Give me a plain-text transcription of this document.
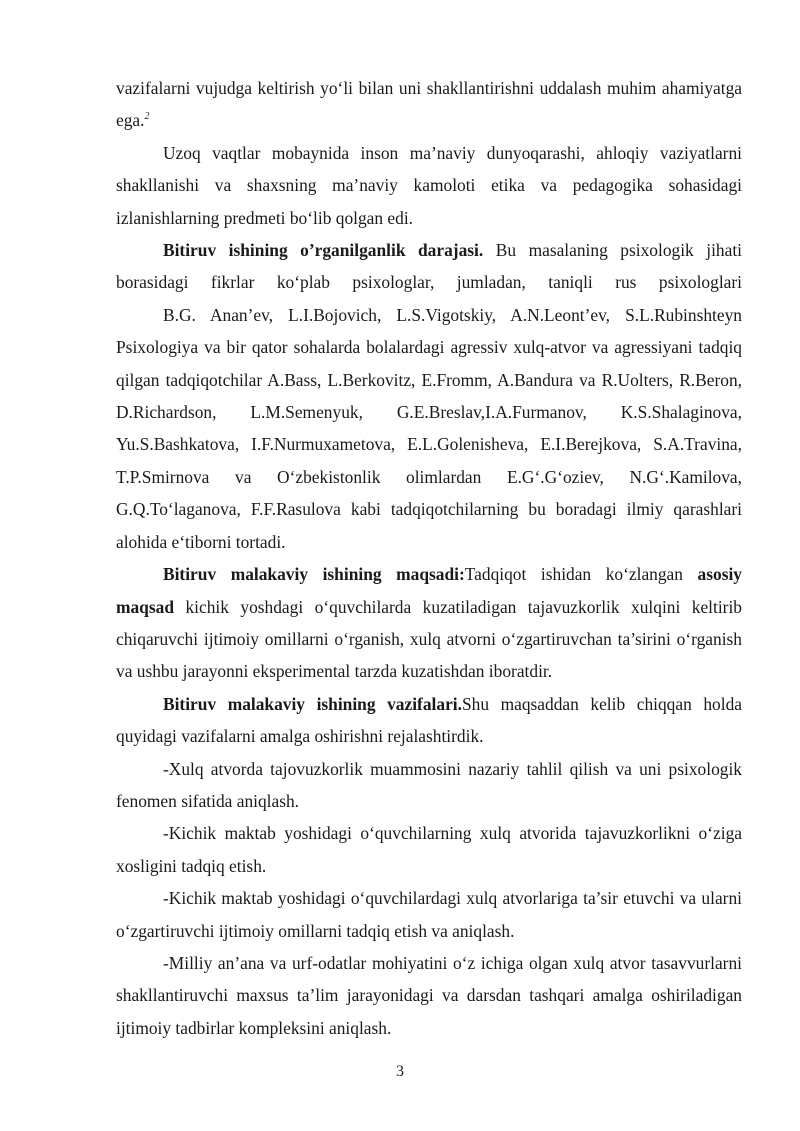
vazifalarni vujudga keltirish yo‘li bilan uni shakllantirishni uddalash muhim ahamiyatga ega.$^2$

Uzoq vaqtlar mobaynida inson ma’naviy dunyoqarashi, ahloqiy vaziyatlarni shakllanishi va shaxsning ma’naviy kamoloti etika va pedagogika sohasidagi izlanishlarning predmeti bo‘lib qolgan edi.

Bitiruv ishining o’rganilganlik darajasi. Bu masalaning psixologik jihati borasidagi fikrlar ko‘plab psixologlar, jumladan, taniqli rus psixologlari

B.G. Anan’ev, L.I.Bojovich, L.S.Vigotskiy, A.N.Leont’ev, S.L.Rubinshteyn Psixologiya va bir qator sohalarda bolalardagi agressiv xulq-atvor va agressiyani tadqiq qilgan tadqiqotchilar A.Bass, L.Berkovitz, E.Fromm, A.Bandura va R.Uolters, R.Beron, D.Richardson, L.M.Semenyuk, G.E.Breslav,I.A.Furmanov, K.S.Shalaginova, Yu.S.Bashkatova, I.F.Nurmuxametova, E.L.Golenisheva, E.I.Berejkova, S.A.Travina, T.P.Smirnova va O‘zbekistonlik olimlardan E.G‘.G‘oziev, N.G‘.Kamilova, G.Q.To‘laganova, F.F.Rasulova kabi tadqiqotchilarning bu boradagi ilmiy qarashlari alohida e‘tiborni tortadi.

Bitiruv malakaviy ishining maqsadi:Tadqiqot ishidan ko‘zlangan asosiy maqsad kichik yoshdagi o‘quvchilarda kuzatiladigan tajavuzkorlik xulqini keltirib chiqaruvchi ijtimoiy omillarni o‘rganish, xulq atvorni o‘zgartiruvchan ta’sirini o‘rganish va ushbu jarayonni eksperimental tarzda kuzatishdan iboratdir.

Bitiruv malakaviy ishining vazifalari.Shu maqsaddan kelib chiqqan holda quyidagi vazifalarni amalga oshirishni rejalashtirdik.

-Xulq atvorda tajovuzkorlik muammosini nazariy tahlil qilish va uni psixologik fenomen sifatida aniqlash.

-Kichik maktab yoshidagi o‘quvchilarning xulq atvorida tajavuzkorlikni o‘ziga xosligini tadqiq etish.

-Kichik maktab yoshidagi o‘quvchilardagi xulq atvorlariga ta’sir etuvchi va ularni o‘zgartiruvchi ijtimoiy omillarni tadqiq etish va aniqlash.

-Milliy an’ana va urf-odatlar mohiyatini o‘z ichiga olgan xulq atvor tasavvurlarni shakllantiruvchi maxsus ta’lim jarayonidagi va darsdan tashqari amalga oshiriladigan ijtimoiy tadbirlar kompleksini aniqlash.

3
